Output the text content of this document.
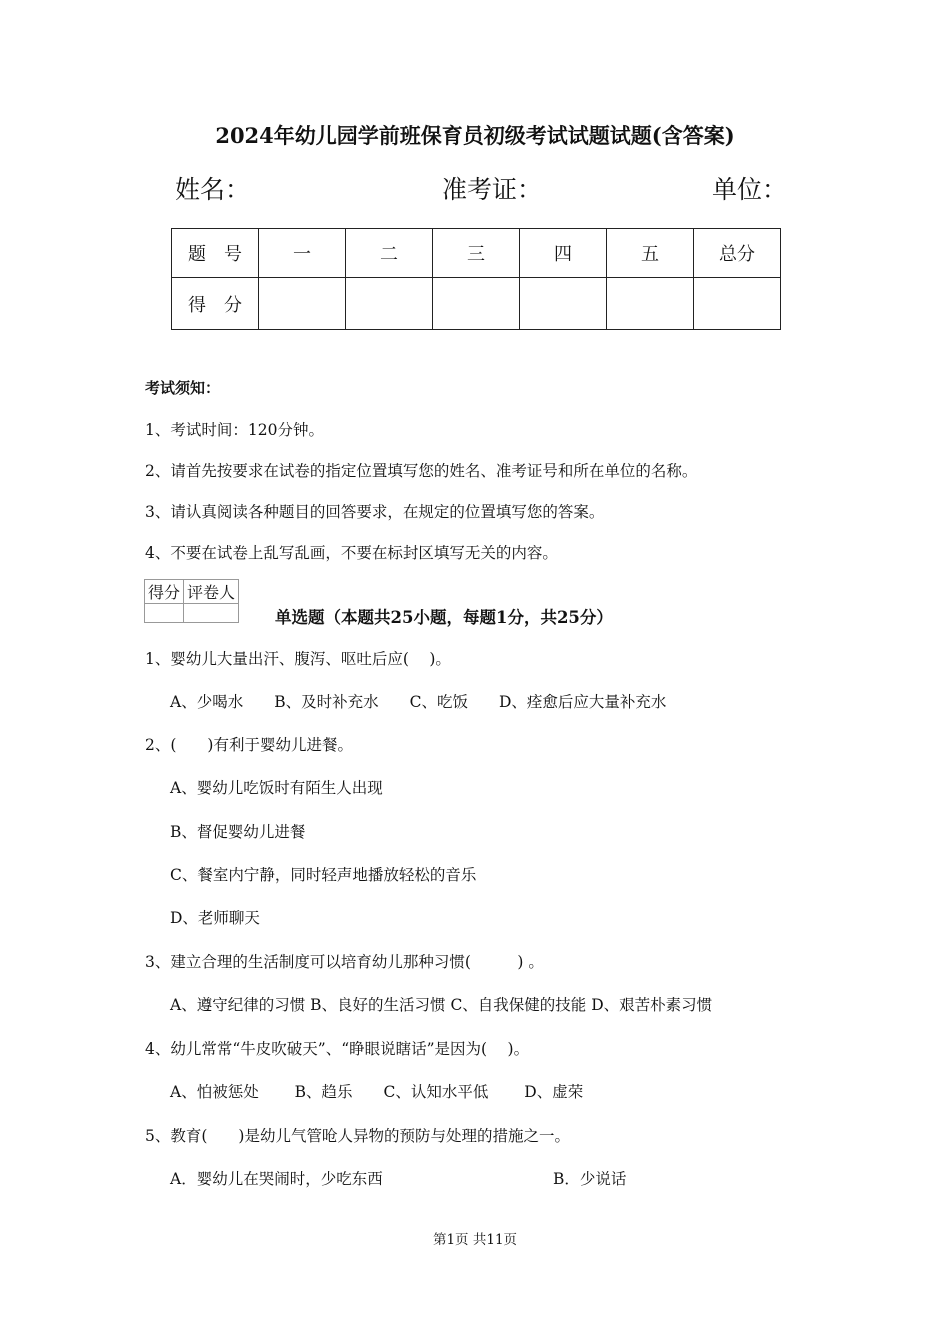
2024年幼儿园学前班保育员初级考试试题试题(含答案)
姓名：	准考证：	单位：
题　号	一	二	三	四	五	总分
得　分						
考试须知：
1、考试时间：120分钟。
2、请首先按要求在试卷的指定位置填写您的姓名、准考证号和所在单位的名称。
3、请认真阅读各种题目的回答要求，在规定的位置填写您的答案。
4、不要在试卷上乱写乱画，不要在标封区填写无关的内容。
得分	评卷人

单选题（本题共25小题，每题1分，共25分）
1、婴幼儿大量出汗、腹泻、呕吐后应(　 )。
A、少喝水　　B、及时补充水　　C、吃饭　　D、痊愈后应大量补充水
2、(　　)有利于婴幼儿进餐。
A、婴幼儿吃饭时有陌生人出现
B、督促婴幼儿进餐
C、餐室内宁静，同时轻声地播放轻松的音乐
D、老师聊天
3、建立合理的生活制度可以培育幼儿那种习惯(　　　) 。
A、遵守纪律的习惯 B、良好的生活习惯 C、自我保健的技能 D、艰苦朴素习惯
4、幼儿常常“牛皮吹破天”、“睁眼说瞎话”是因为(　 )。
A、怕被惩处　　 B、趋乐　　C、认知水平低　　 D、虚荣
5、教育(　　)是幼儿气管呛人异物的预防与处理的措施之一。
A．婴幼儿在哭闹时，少吃东西	B．少说话
第1页 共11页
